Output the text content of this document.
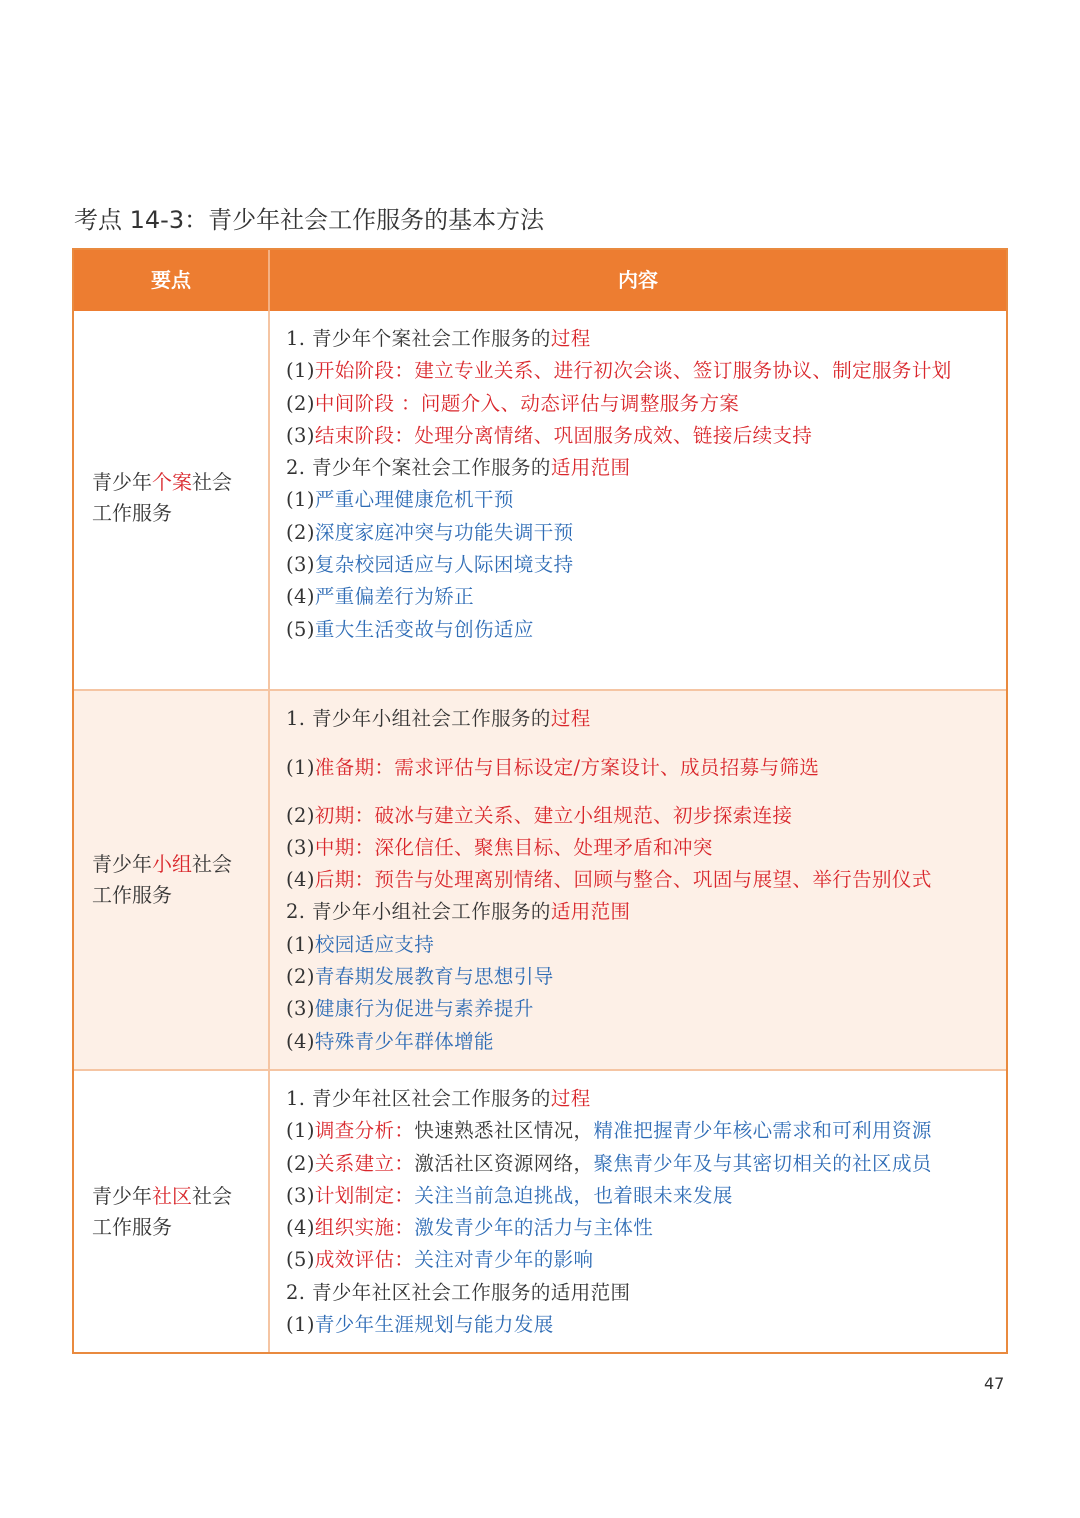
考点 14-3：青少年社会工作服务的基本方法
要点	内容
青少年个案社会
工作服务
1. 青少年个案社会工作服务的过程
(1)开始阶段：建立专业关系、进行初次会谈、签订服务协议、制定服务计划
(2)中间阶段 ：问题介入、动态评估与调整服务方案
(3)结束阶段：处理分离情绪、巩固服务成效、链接后续支持
2. 青少年个案社会工作服务的适用范围
(1)严重心理健康危机干预
(2)深度家庭冲突与功能失调干预
(3)复杂校园适应与人际困境支持
(4)严重偏差行为矫正
(5)重大生活变故与创伤适应
青少年小组社会
工作服务
1. 青少年小组社会工作服务的过程
(1)准备期：需求评估与目标设定/方案设计、成员招募与筛选
(2)初期：破冰与建立关系、建立小组规范、初步探索连接
(3)中期：深化信任、聚焦目标、处理矛盾和冲突
(4)后期：预告与处理离别情绪、回顾与整合、巩固与展望、举行告别仪式
2. 青少年小组社会工作服务的适用范围
(1)校园适应支持
(2)青春期发展教育与思想引导
(3)健康行为促进与素养提升
(4)特殊青少年群体增能
青少年社区社会
工作服务
1. 青少年社区社会工作服务的过程
(1)调查分析：快速熟悉社区情况，精准把握青少年核心需求和可利用资源
(2)关系建立：激活社区资源网络，聚焦青少年及与其密切相关的社区成员
(3)计划制定：关注当前急迫挑战，也着眼未来发展
(4)组织实施：激发青少年的活力与主体性
(5)成效评估：关注对青少年的影响
2. 青少年社区社会工作服务的适用范围
(1)青少年生涯规划与能力发展
47
